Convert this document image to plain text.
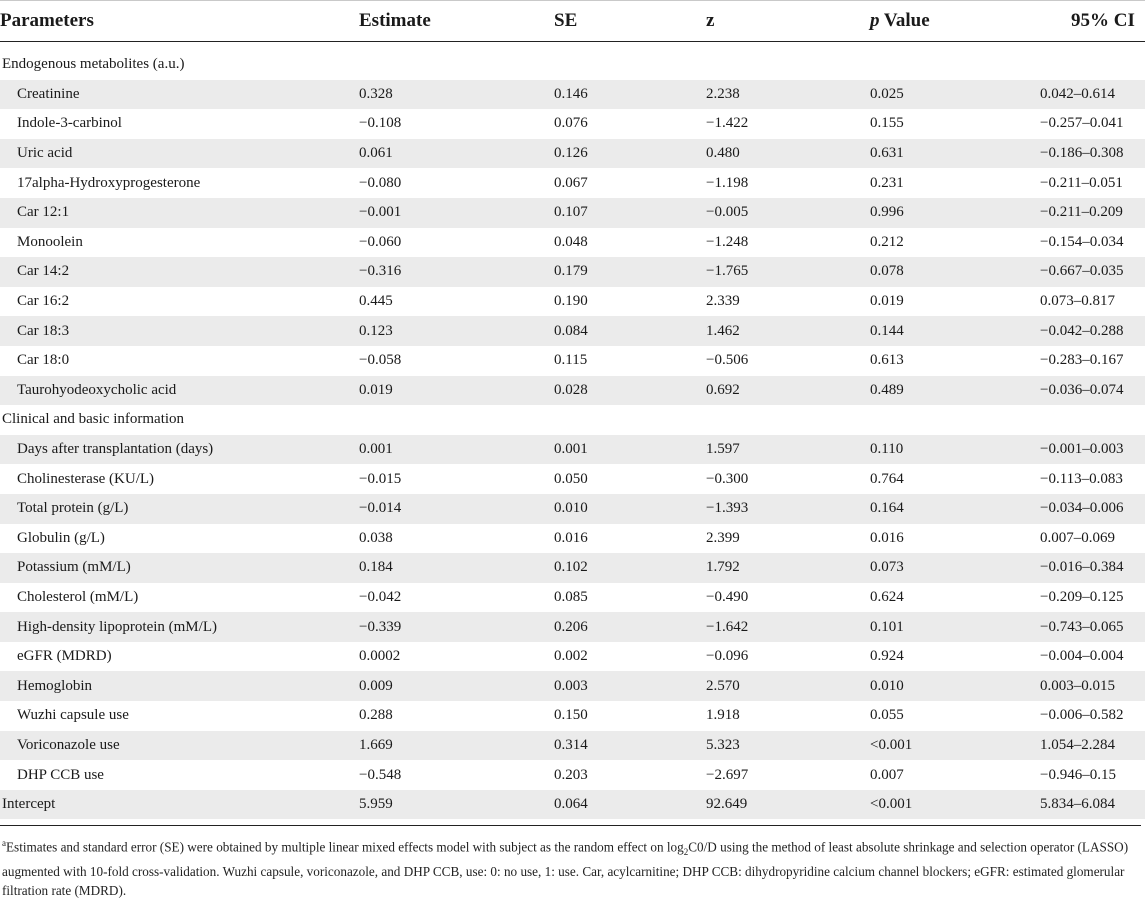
Parameters	Estimate	SE	z	p Value	95% CI
Endogenous metabolites (a.u.)
Creatinine	0.328	0.146	2.238	0.025	0.042–0.614
Indole-3-carbinol	−0.108	0.076	−1.422	0.155	−0.257–0.041
Uric acid	0.061	0.126	0.480	0.631	−0.186–0.308
17alpha-Hydroxyprogesterone	−0.080	0.067	−1.198	0.231	−0.211–0.051
Car 12:1	−0.001	0.107	−0.005	0.996	−0.211–0.209
Monoolein	−0.060	0.048	−1.248	0.212	−0.154–0.034
Car 14:2	−0.316	0.179	−1.765	0.078	−0.667–0.035
Car 16:2	0.445	0.190	2.339	0.019	0.073–0.817
Car 18:3	0.123	0.084	1.462	0.144	−0.042–0.288
Car 18:0	−0.058	0.115	−0.506	0.613	−0.283–0.167
Taurohyodeoxycholic acid	0.019	0.028	0.692	0.489	−0.036–0.074
Clinical and basic information
Days after transplantation (days)	0.001	0.001	1.597	0.110	−0.001–0.003
Cholinesterase (KU/L)	−0.015	0.050	−0.300	0.764	−0.113–0.083
Total protein (g/L)	−0.014	0.010	−1.393	0.164	−0.034–0.006
Globulin (g/L)	0.038	0.016	2.399	0.016	0.007–0.069
Potassium (mM/L)	0.184	0.102	1.792	0.073	−0.016–0.384
Cholesterol (mM/L)	−0.042	0.085	−0.490	0.624	−0.209–0.125
High-density lipoprotein (mM/L)	−0.339	0.206	−1.642	0.101	−0.743–0.065
eGFR (MDRD)	0.0002	0.002	−0.096	0.924	−0.004–0.004
Hemoglobin	0.009	0.003	2.570	0.010	0.003–0.015
Wuzhi capsule use	0.288	0.150	1.918	0.055	−0.006–0.582
Voriconazole use	1.669	0.314	5.323	<0.001	1.054–2.284
DHP CCB use	−0.548	0.203	−2.697	0.007	−0.946–0.15
Intercept	5.959	0.064	92.649	<0.001	5.834–6.084
$^a$Estimates and standard error (SE) were obtained by multiple linear mixed effects model with subject as the random effect on $\log_2C0/D$ using the method of least absolute shrinkage and selection operator (LASSO) augmented with 10-fold cross-validation. Wuzhi capsule, voriconazole, and DHP CCB, use: 0: no use, 1: use. Car, acylcarnitine; DHP CCB: dihydropyridine calcium channel blockers; eGFR: estimated glomerular filtration rate (MDRD).
